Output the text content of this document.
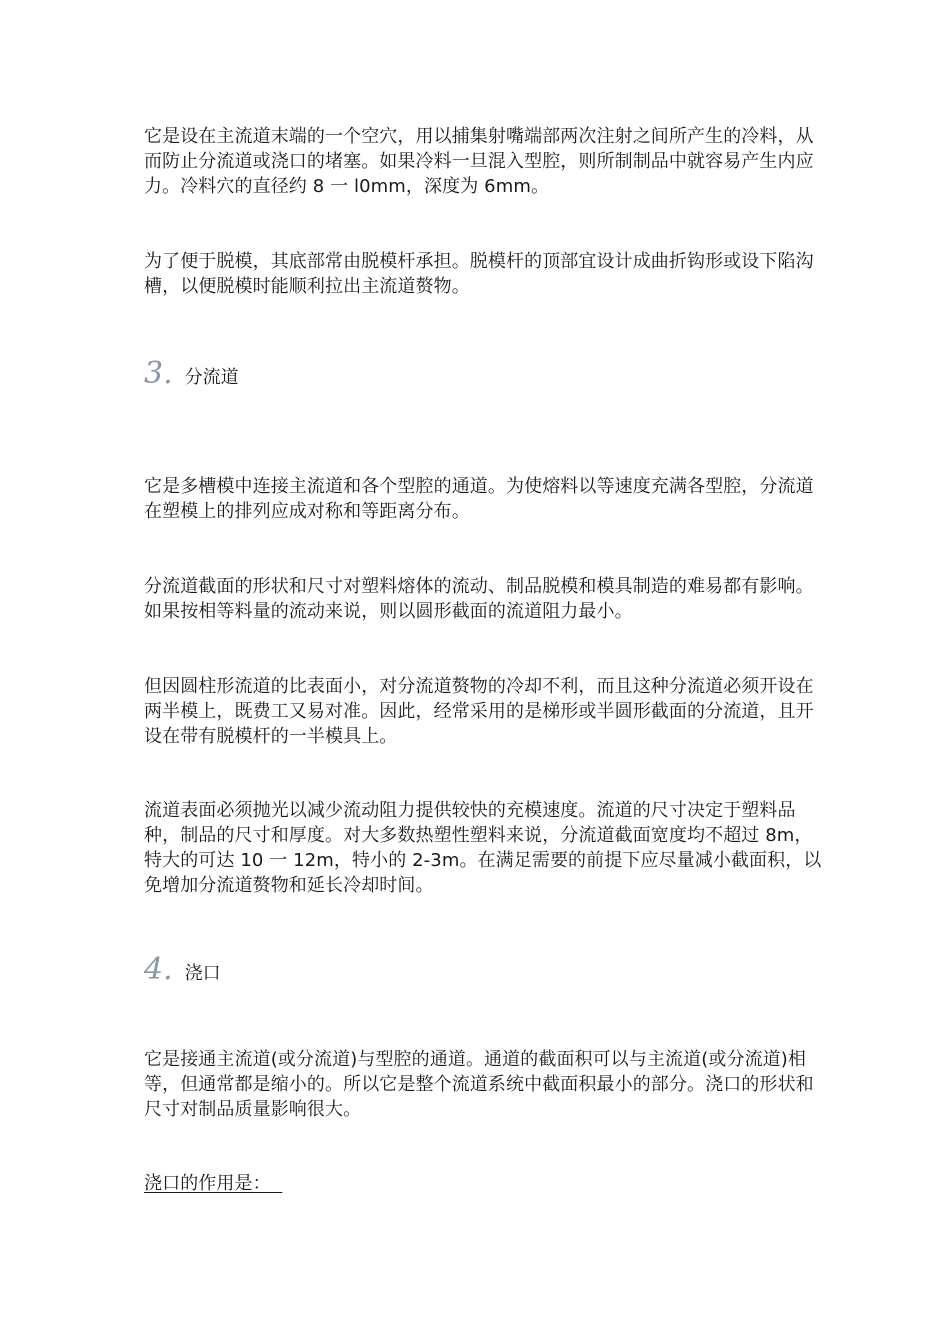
它是设在主流道末端的一个空穴，用以捕集射嘴端部两次注射之间所产生的冷料，从而防止分流道或浇口的堵塞。如果冷料一旦混入型腔，则所制制品中就容易产生内应力。冷料穴的直径约 8 一 l0mm，深度为 6mm。

为了便于脱模，其底部常由脱模杆承担。脱模杆的顶部宜设计成曲折钩形或设下陷沟槽，以便脱模时能顺利拉出主流道赘物。

3. 分流道

它是多槽模中连接主流道和各个型腔的通道。为使熔料以等速度充满各型腔，分流道在塑模上的排列应成对称和等距离分布。

分流道截面的形状和尺寸对塑料熔体的流动、制品脱模和模具制造的难易都有影响。如果按相等料量的流动来说，则以圆形截面的流道阻力最小。

但因圆柱形流道的比表面小，对分流道赘物的冷却不利，而且这种分流道必须开设在两半模上，既费工又易对准。因此，经常采用的是梯形或半圆形截面的分流道，且开设在带有脱模杆的一半模具上。

流道表面必须抛光以减少流动阻力提供较快的充模速度。流道的尺寸决定于塑料品种，制品的尺寸和厚度。对大多数热塑性塑料来说，分流道截面宽度均不超过 8m，特大的可达 10 一 12m，特小的 2-3m。在满足需要的前提下应尽量减小截面积，以免增加分流道赘物和延长冷却时间。

4. 浇口

它是接通主流道(或分流道)与型腔的通道。通道的截面积可以与主流道(或分流道)相等，但通常都是缩小的。所以它是整个流道系统中截面积最小的部分。浇口的形状和尺寸对制品质量影响很大。

浇口的作用是：
